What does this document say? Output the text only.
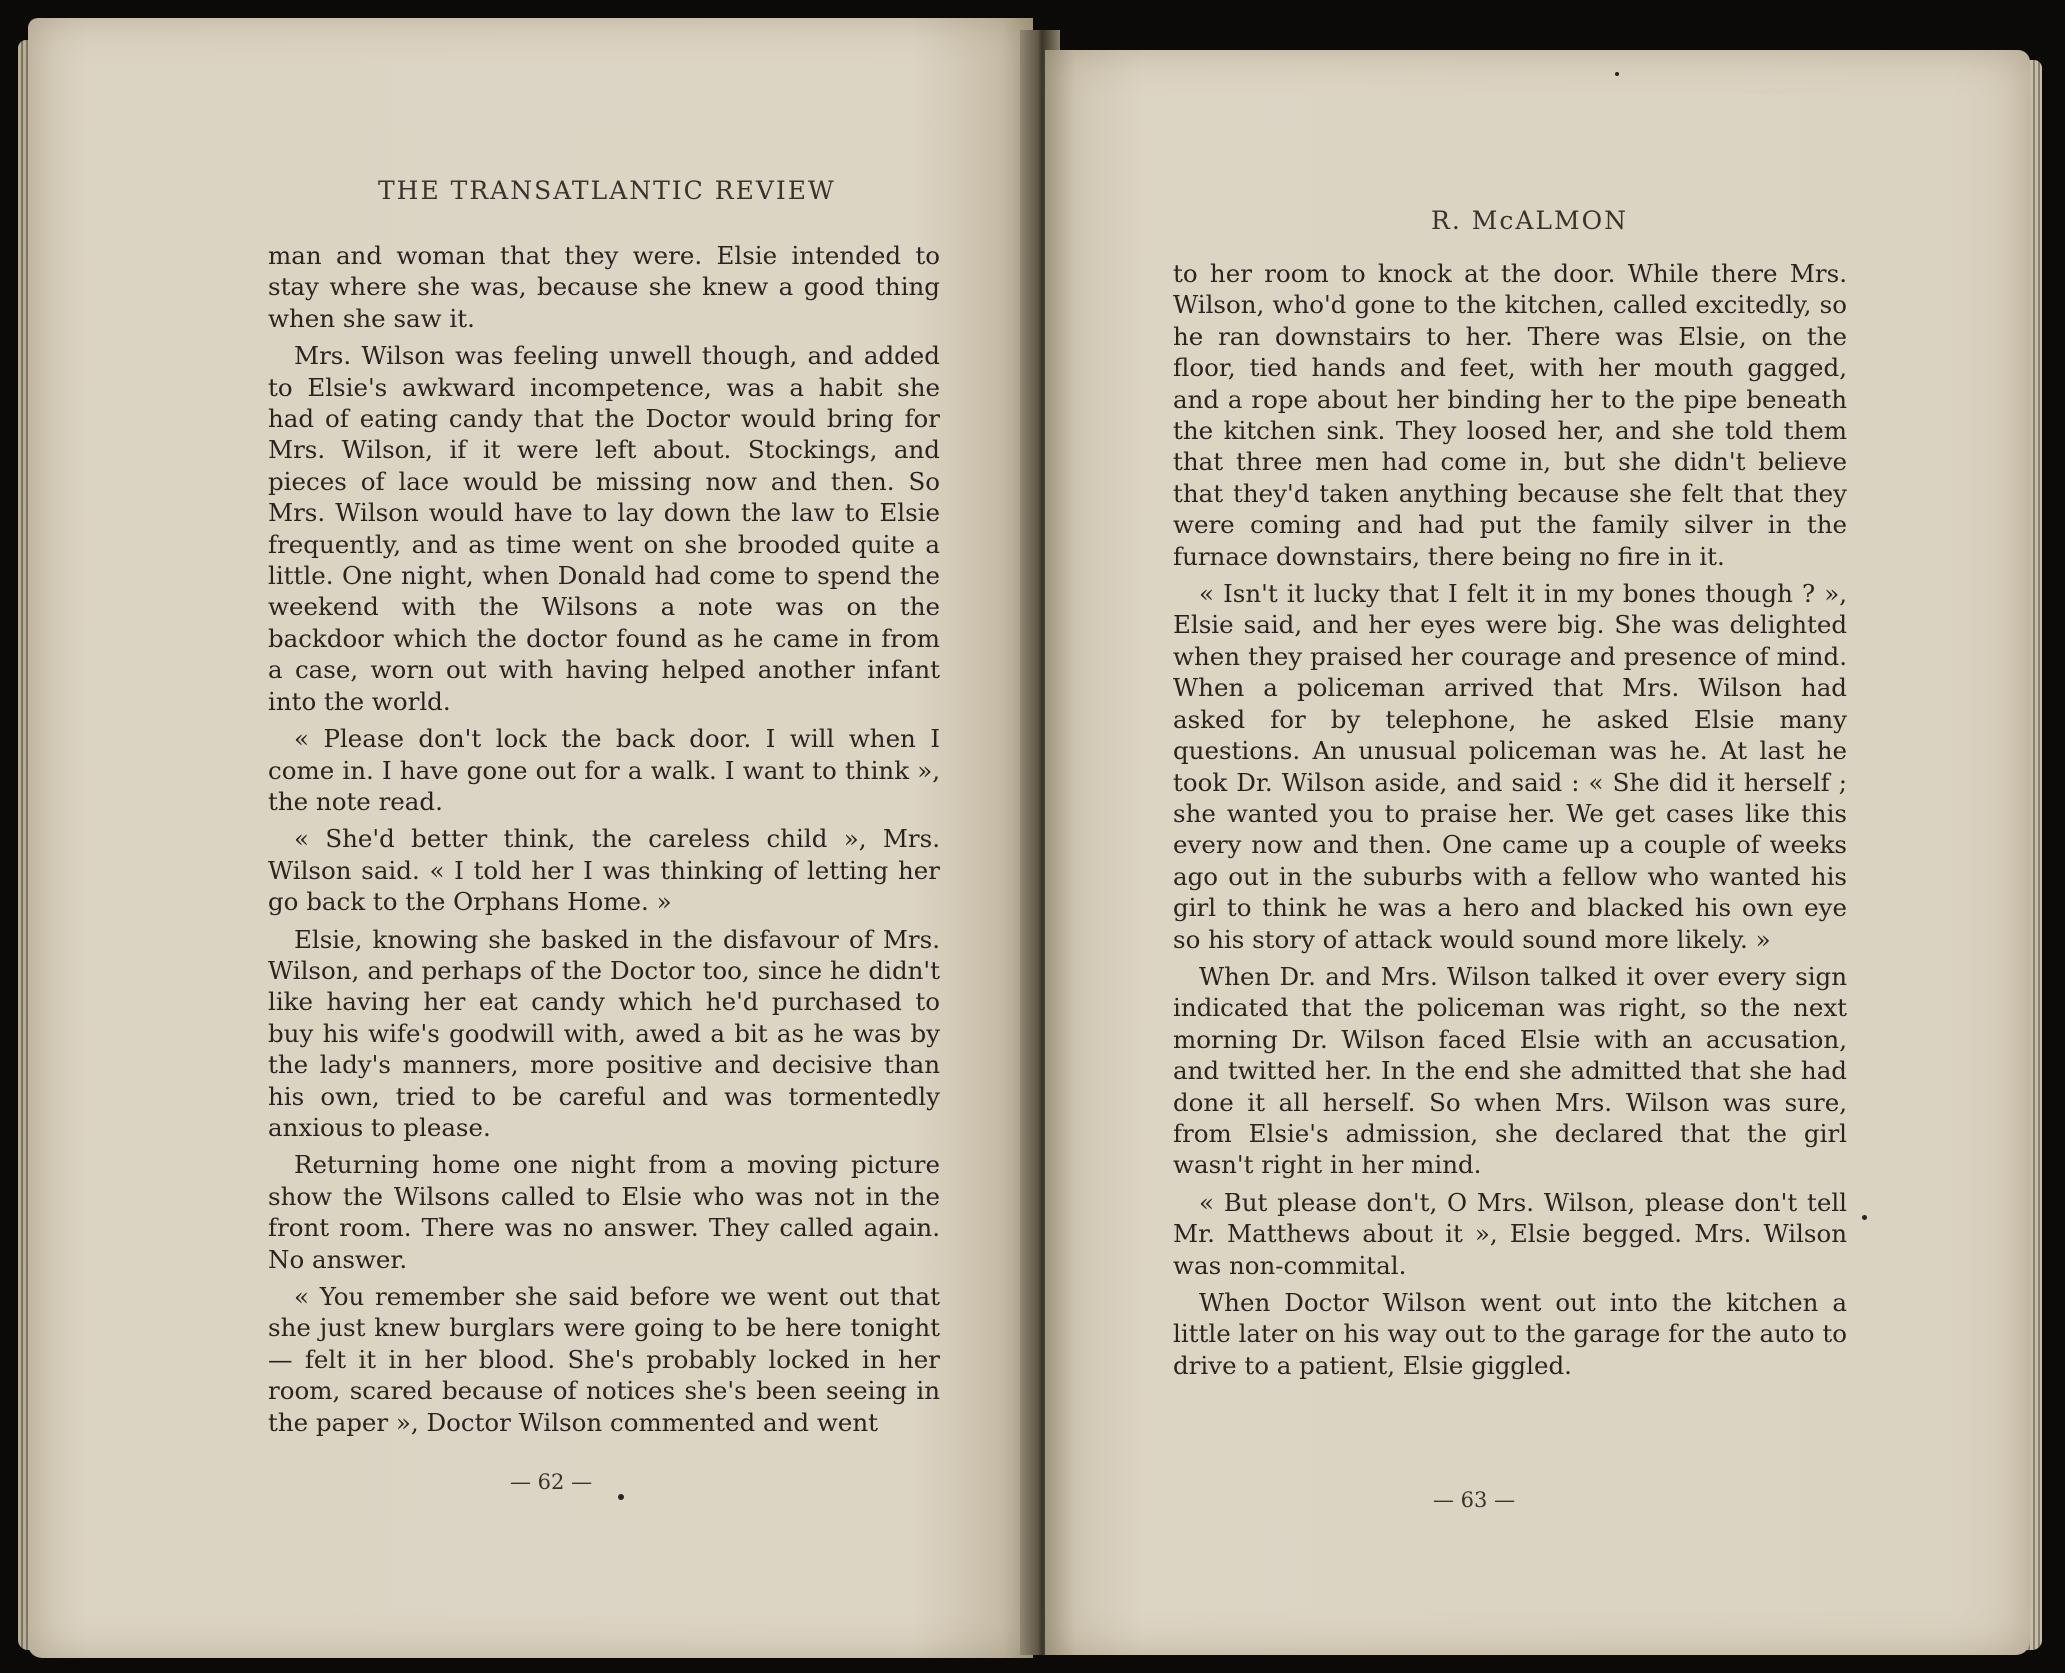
THE TRANSATLANTIC REVIEW

man and woman that they were. Elsie intended to stay where she was, because she knew a good thing when she saw it.

Mrs. Wilson was feeling unwell though, and added to Elsie's awkward incompetence, was a habit she had of eating candy that the Doctor would bring for Mrs. Wilson, if it were left about. Stockings, and pieces of lace would be missing now and then. So Mrs. Wilson would have to lay down the law to Elsie frequently, and as time went on she brooded quite a little. One night, when Donald had come to spend the weekend with the Wilsons a note was on the backdoor which the doctor found as he came in from a case, worn out with having helped another infant into the world.

« Please don't lock the back door. I will when I come in. I have gone out for a walk. I want to think », the note read.

« She'd better think, the careless child », Mrs. Wilson said. « I told her I was thinking of letting her go back to the Orphans Home. »

Elsie, knowing she basked in the disfavour of Mrs. Wilson, and perhaps of the Doctor too, since he didn't like having her eat candy which he'd purchased to buy his wife's goodwill with, awed a bit as he was by the lady's manners, more positive and decisive than his own, tried to be careful and was tormentedly anxious to please.

Returning home one night from a moving picture show the Wilsons called to Elsie who was not in the front room. There was no answer. They called again. No answer.

« You remember she said before we went out that she just knew burglars were going to be here tonight — felt it in her blood. She's probably locked in her room, scared because of notices she's been seeing in the paper », Doctor Wilson commented and went

— 62 —
R. McALMON

to her room to knock at the door. While there Mrs. Wilson, who'd gone to the kitchen, called excitedly, so he ran downstairs to her. There was Elsie, on the floor, tied hands and feet, with her mouth gagged, and a rope about her binding her to the pipe beneath the kitchen sink. They loosed her, and she told them that three men had come in, but she didn't believe that they'd taken anything because she felt that they were coming and had put the family silver in the furnace downstairs, there being no fire in it.

« Isn't it lucky that I felt it in my bones though ? », Elsie said, and her eyes were big. She was delighted when they praised her courage and presence of mind. When a policeman arrived that Mrs. Wilson had asked for by telephone, he asked Elsie many questions. An unusual policeman was he. At last he took Dr. Wilson aside, and said : « She did it herself ; she wanted you to praise her. We get cases like this every now and then. One came up a couple of weeks ago out in the suburbs with a fellow who wanted his girl to think he was a hero and blacked his own eye so his story of attack would sound more likely. »

When Dr. and Mrs. Wilson talked it over every sign indicated that the policeman was right, so the next morning Dr. Wilson faced Elsie with an accusation, and twitted her. In the end she admitted that she had done it all herself. So when Mrs. Wilson was sure, from Elsie's admission, she declared that the girl wasn't right in her mind.

« But please don't, O Mrs. Wilson, please don't tell Mr. Matthews about it », Elsie begged. Mrs. Wilson was non-commital.

When Doctor Wilson went out into the kitchen a little later on his way out to the garage for the auto to drive to a patient, Elsie giggled.

— 63 —
